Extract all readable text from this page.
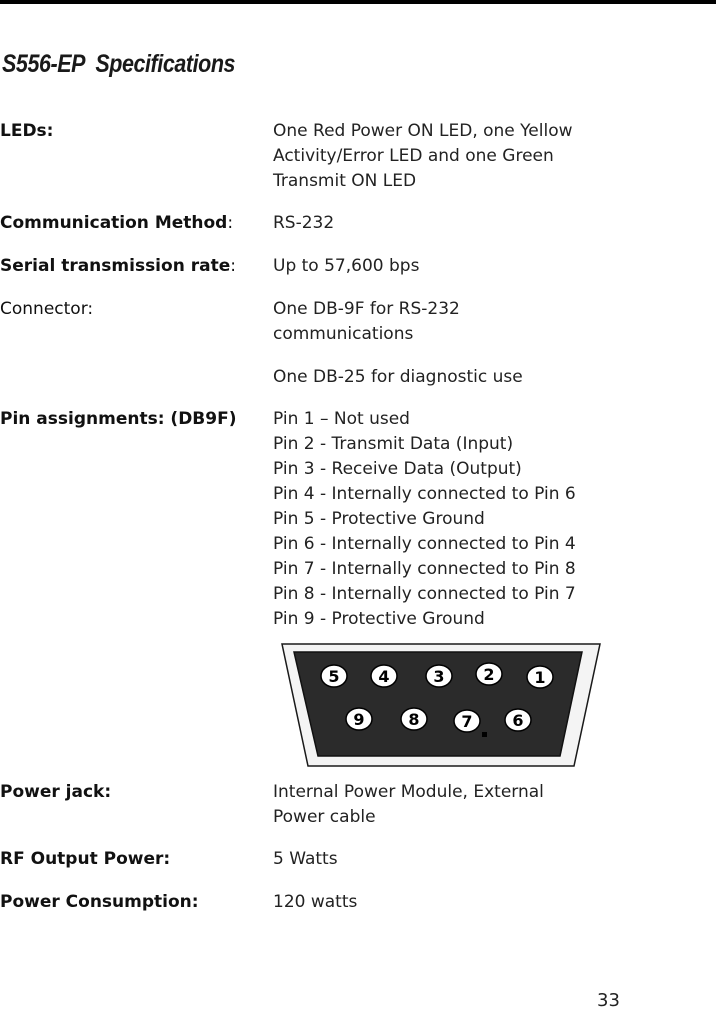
S556-EP  Specifications
LEDs:	One Red Power ON LED, one Yellow
Activity/Error LED and one Green
Transmit ON LED
Communication Method: RS-232
Serial transmission rate: Up to 57,600 bps
Connector:	One DB-9F for RS-232
communications
One DB-25 for diagnostic use
Pin assignments: (DB9F) Pin 1 – Not used
Pin 2 - Transmit Data (Input)
Pin 3 - Receive Data (Output)
Pin 4 - Internally connected to Pin 6
Pin 5 - Protective Ground
Pin 6 - Internally connected to Pin 4
Pin 7 - Internally connected to Pin 8
Pin 8 - Internally connected to Pin 7
Pin 9 - Protective Ground
5 4	3 2 1
9	8	7 6
Power jack:	Internal Power Module, External
Power cable
RF Output Power:	5 Watts
Power Consumption:	120 watts
33
